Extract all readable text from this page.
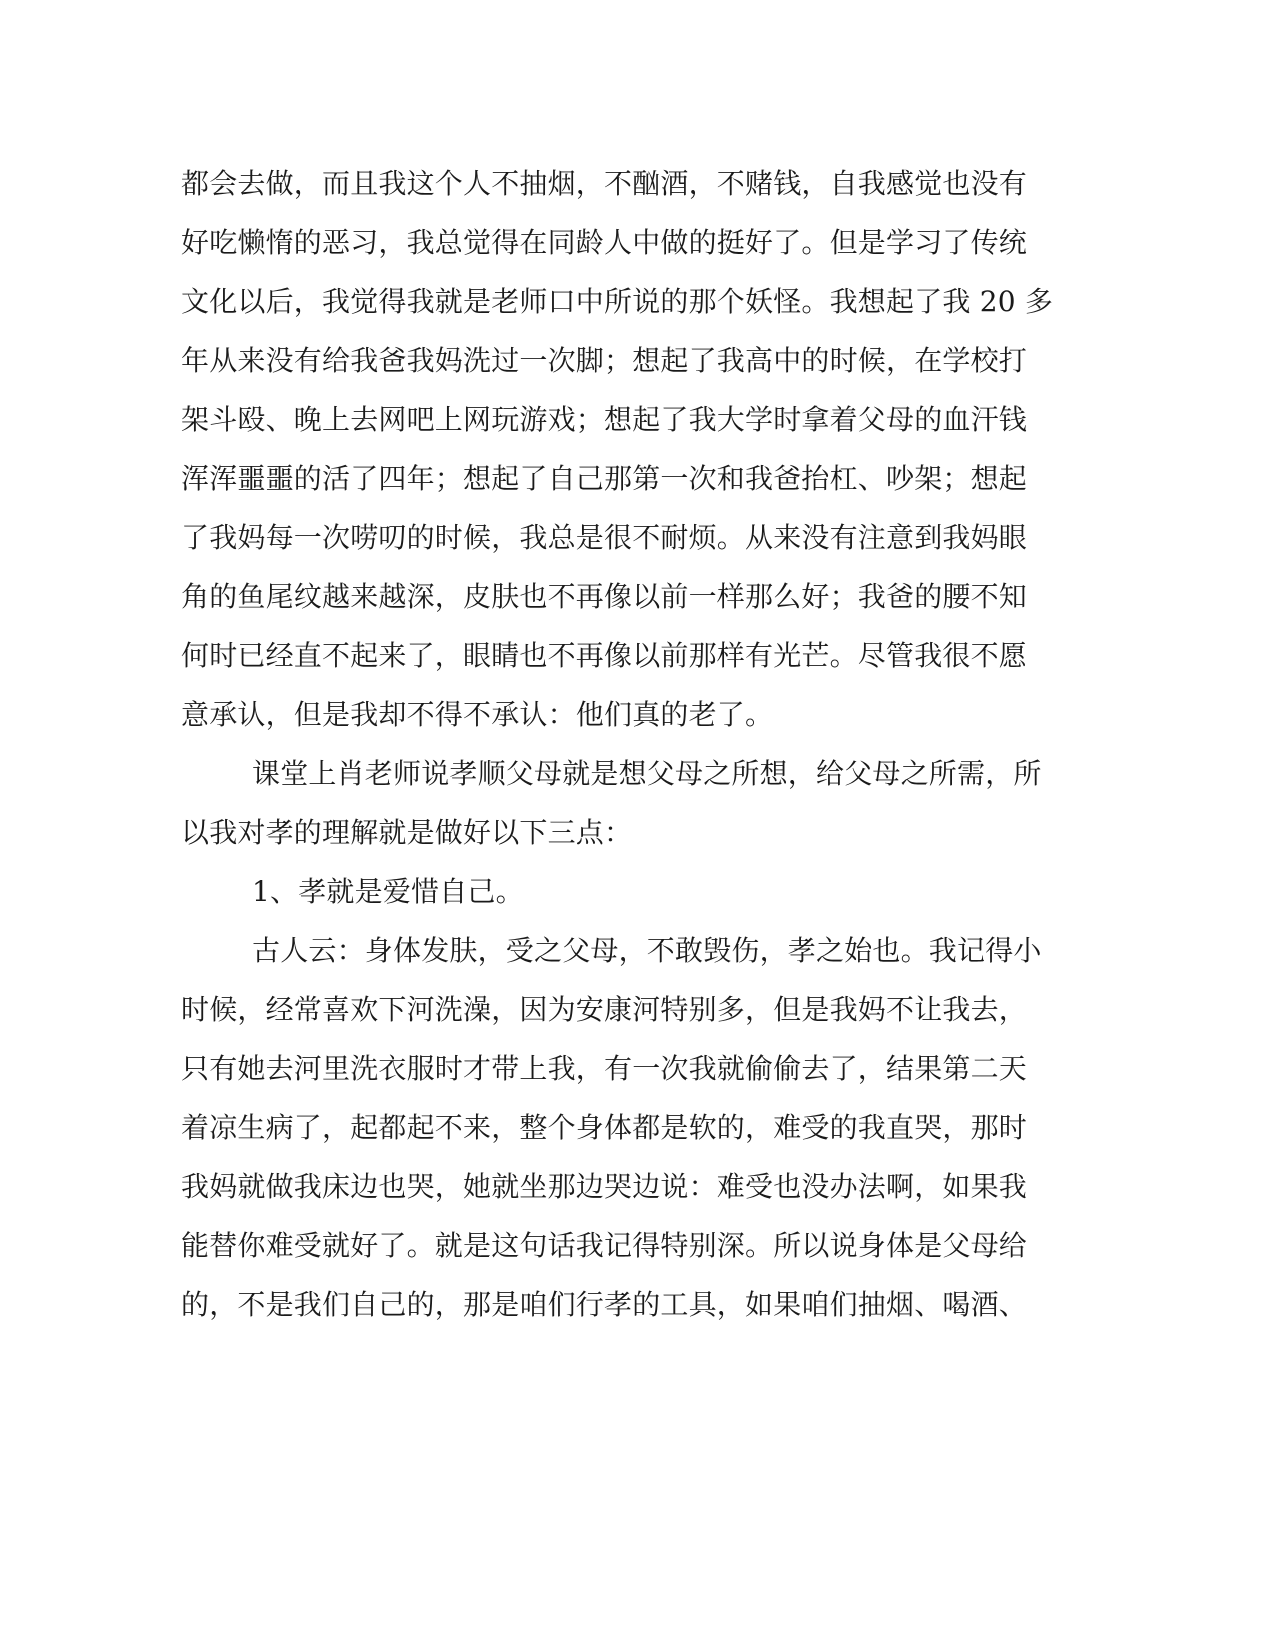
都会去做，而且我这个人不抽烟，不酗酒，不赌钱，自我感觉也没有
好吃懒惰的恶习，我总觉得在同龄人中做的挺好了。但是学习了传统
文化以后，我觉得我就是老师口中所说的那个妖怪。我想起了我 20 多
年从来没有给我爸我妈洗过一次脚；想起了我高中的时候，在学校打
架斗殴、晚上去网吧上网玩游戏；想起了我大学时拿着父母的血汗钱
浑浑噩噩的活了四年；想起了自己那第一次和我爸抬杠、吵架；想起
了我妈每一次唠叨的时候，我总是很不耐烦。从来没有注意到我妈眼
角的鱼尾纹越来越深，皮肤也不再像以前一样那么好；我爸的腰不知
何时已经直不起来了，眼睛也不再像以前那样有光芒。尽管我很不愿
意承认，但是我却不得不承认：他们真的老了。
课堂上肖老师说孝顺父母就是想父母之所想，给父母之所需，所
以我对孝的理解就是做好以下三点：
1、孝就是爱惜自己。
古人云：身体发肤，受之父母，不敢毁伤，孝之始也。我记得小
时候，经常喜欢下河洗澡，因为安康河特别多，但是我妈不让我去，
只有她去河里洗衣服时才带上我，有一次我就偷偷去了，结果第二天
着凉生病了，起都起不来，整个身体都是软的，难受的我直哭，那时
我妈就做我床边也哭，她就坐那边哭边说：难受也没办法啊，如果我
能替你难受就好了。就是这句话我记得特别深。所以说身体是父母给
的，不是我们自己的，那是咱们行孝的工具，如果咱们抽烟、喝酒、
